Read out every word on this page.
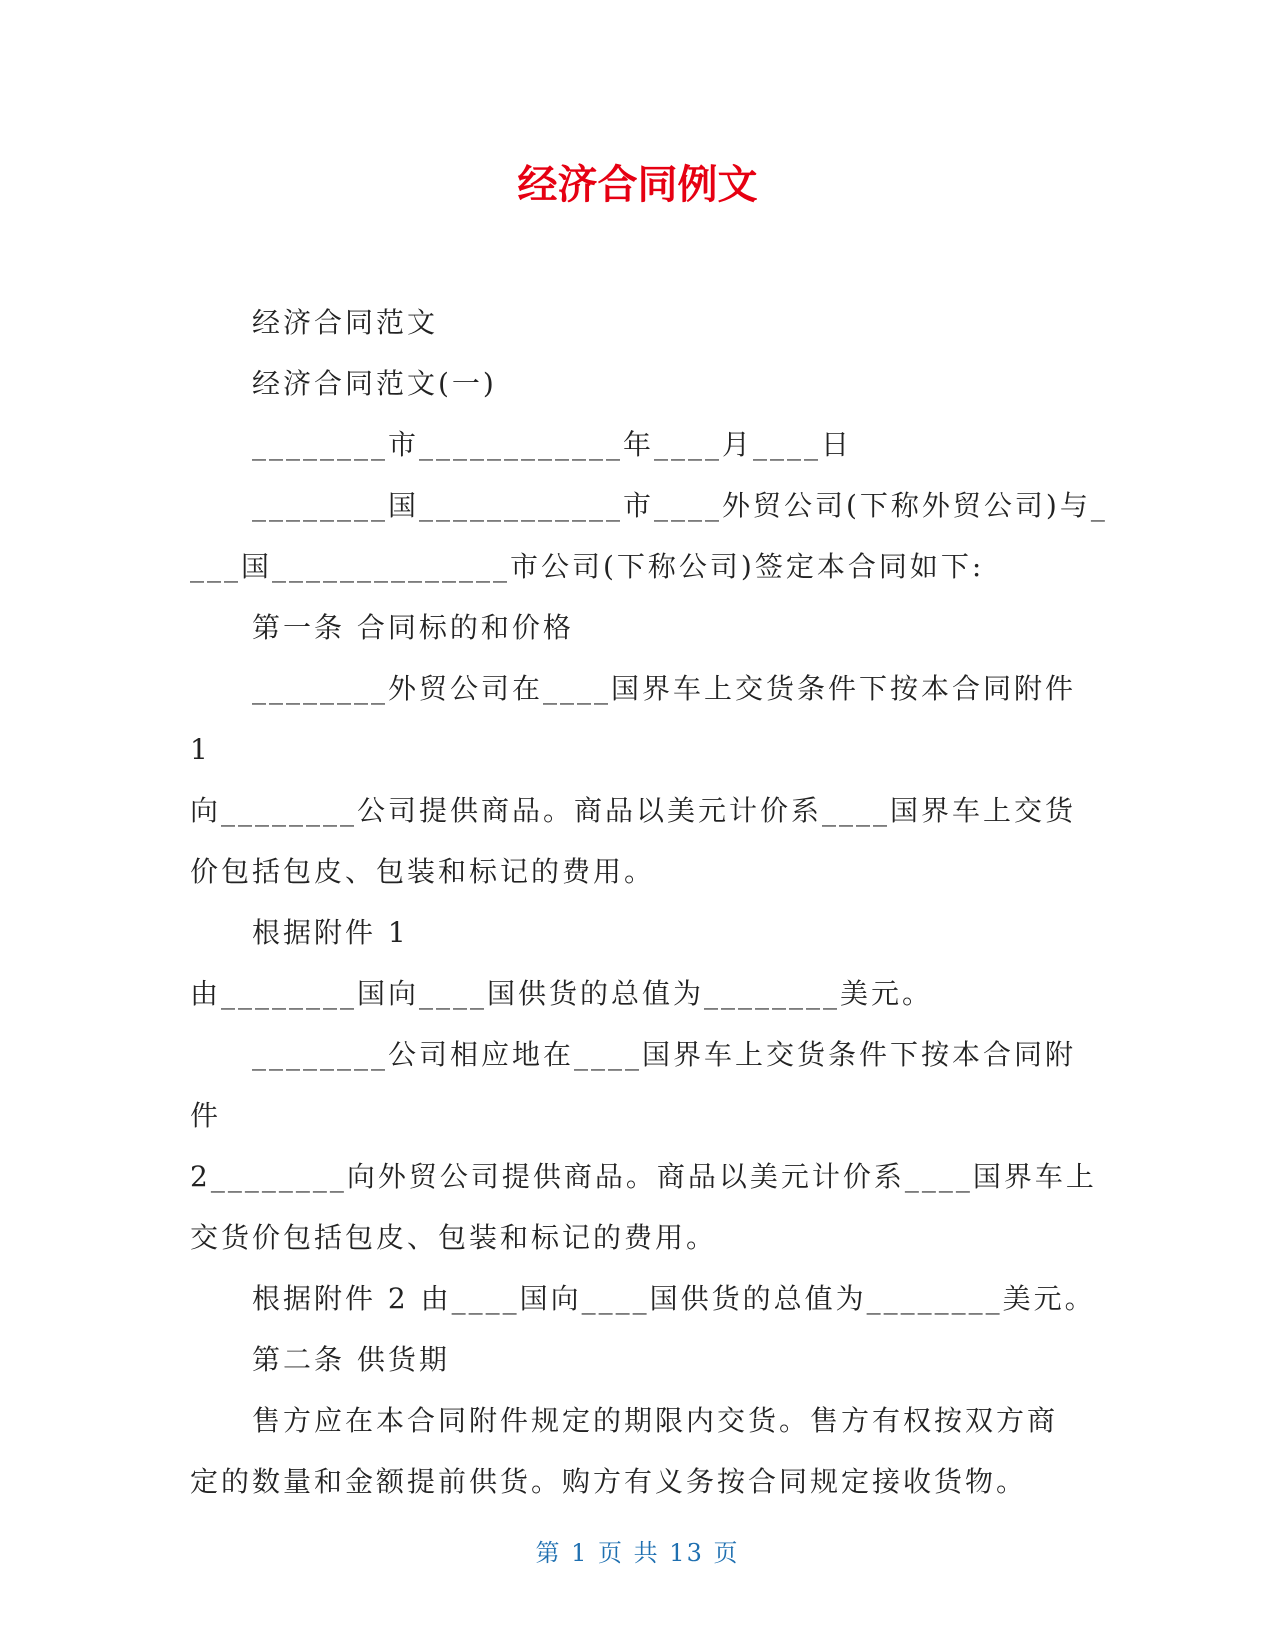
经济合同例文

经济合同范文

经济合同范文(一)

________市____________年____月____日

________国____________市____外贸公司(下称外贸公司)与_

___国______________市公司(下称公司)签定本合同如下:

第一条 合同标的和价格

________外贸公司在____国界车上交货条件下按本合同附件

1

向________公司提供商品。商品以美元计价系____国界车上交货

价包括包皮、包装和标记的费用。

根据附件 1

由________国向____国供货的总值为________美元。

________公司相应地在____国界车上交货条件下按本合同附

件

2________向外贸公司提供商品。商品以美元计价系____国界车上

交货价包括包皮、包装和标记的费用。

根据附件 2 由____国向____国供货的总值为________美元。

第二条 供货期

售方应在本合同附件规定的期限内交货。售方有权按双方商

定的数量和金额提前供货。购方有义务按合同规定接收货物。

第 1 页 共 13 页
